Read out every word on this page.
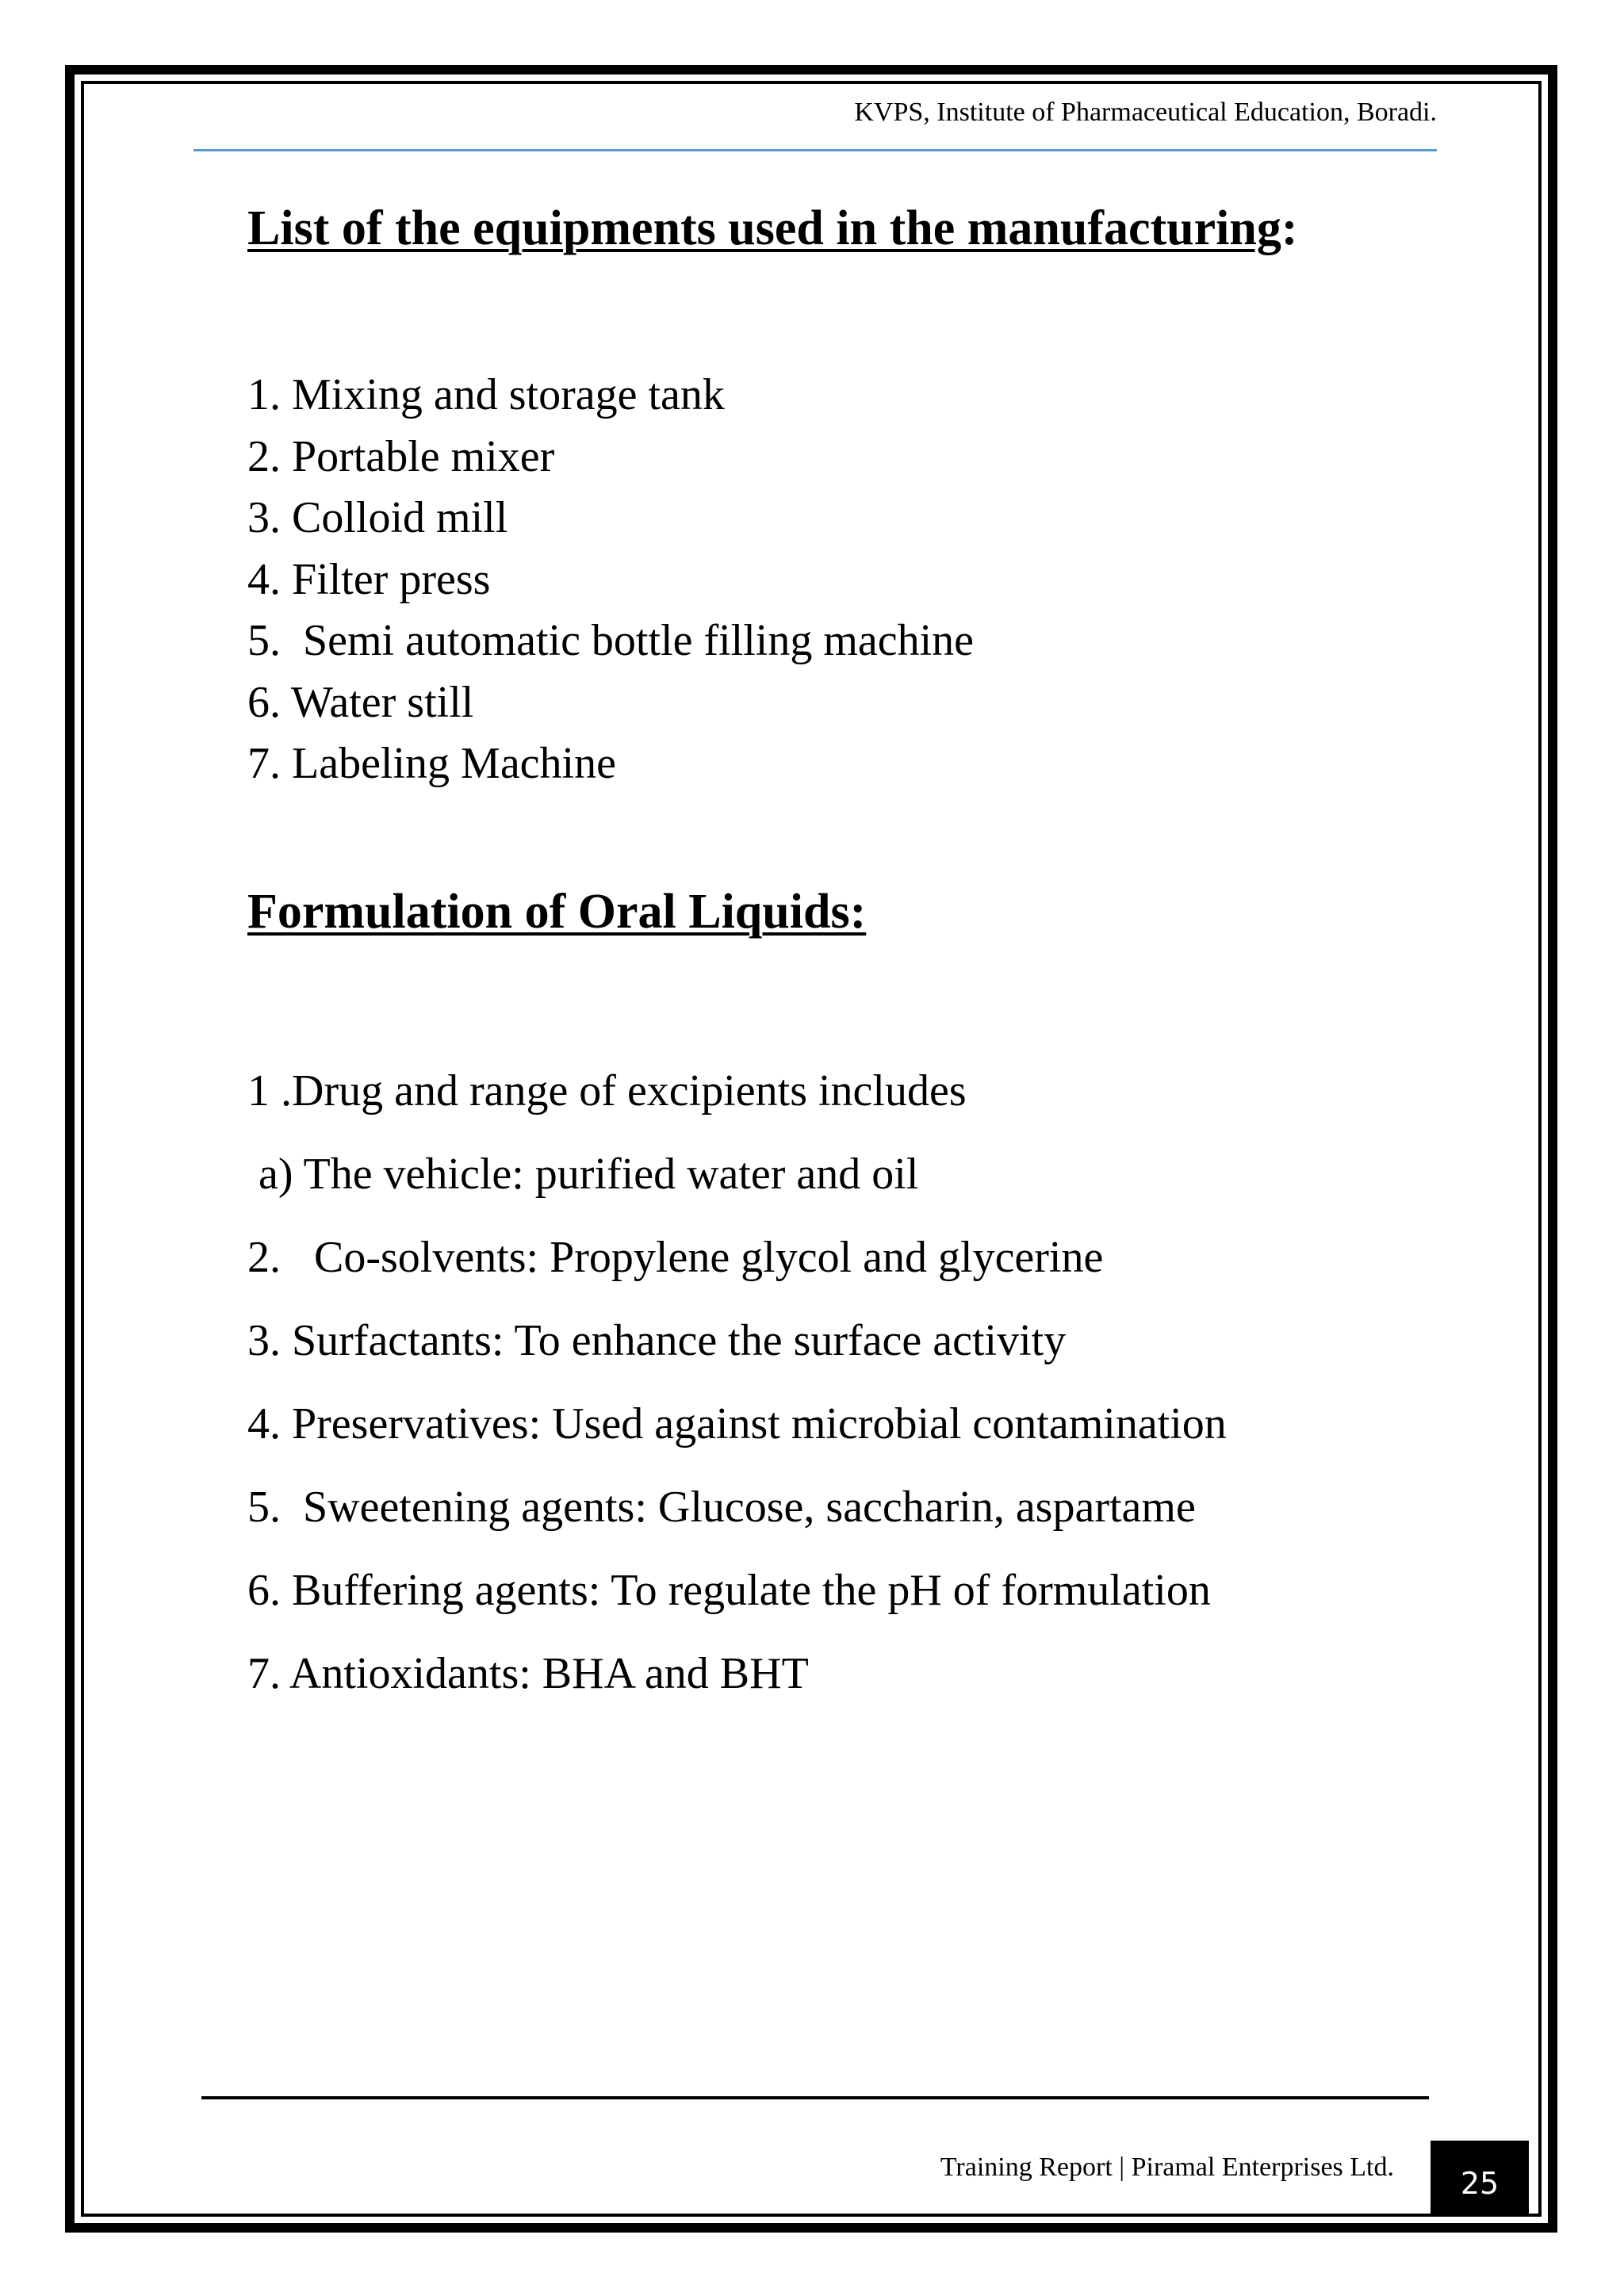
KVPS, Institute of Pharmaceutical Education, Boradi.
List of the equipments used in the manufacturing:
1. Mixing and storage tank
2. Portable mixer
3. Colloid mill
4. Filter press
5.  Semi automatic bottle filling machine
6. Water still
7. Labeling Machine
Formulation of Oral Liquids:
1 .Drug and range of excipients includes
a) The vehicle: purified water and oil
2.   Co-solvents: Propylene glycol and glycerine
3. Surfactants: To enhance the surface activity
4. Preservatives: Used against microbial contamination
5.  Sweetening agents: Glucose, saccharin, aspartame
6. Buffering agents: To regulate the pH of formulation
7. Antioxidants: BHA and BHT
Training Report | Piramal Enterprises Ltd.	25
